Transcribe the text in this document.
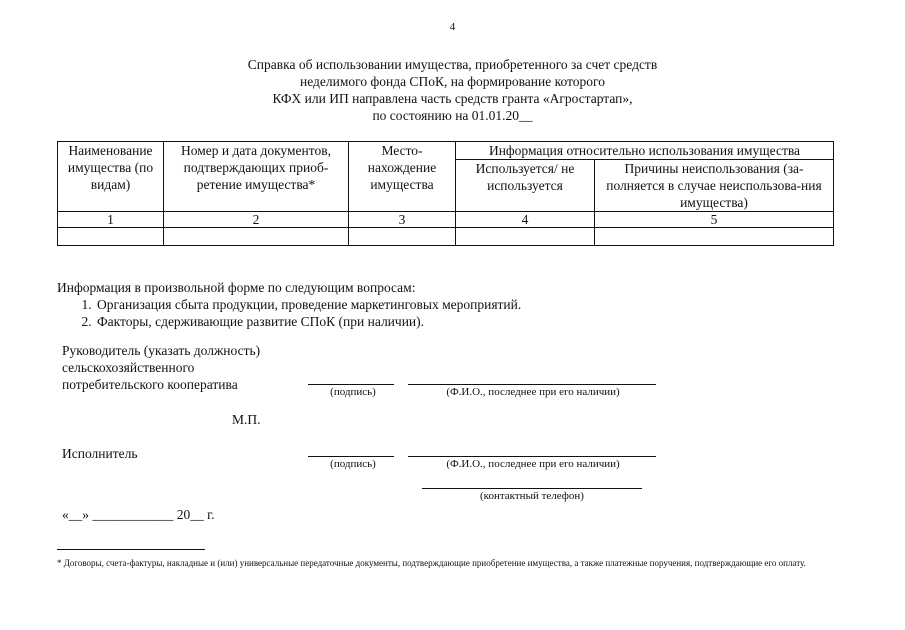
4
Справка об использовании имущества, приобретенного за счет средств
неделимого фонда СПоК, на формирование которого
КФХ или ИП направлена часть средств гранта «Агростартап»,
по состоянию на 01.01.20__
Наименование имущества (по видам)	Номер и дата документов, подтверждающих приоб-ретение имущества*	Место-нахождение имущества	Информация относительно использования имущества	
			Используется/ не используется	Причины неиспользования (за-полняется в случае неиспользова-ния имущества)
1	2	3	4	5

Информация в произвольной форме по следующим вопросам:
1. Организация сбыта продукции, проведение маркетинговых мероприятий.
2. Факторы, сдерживающие развитие СПоК (при наличии).
Руководитель (указать должность)
сельскохозяйственного
потребительского кооператива	(подпись)	(Ф.И.О., последнее при его наличии)
М.П.
Исполнитель
(подпись)	(Ф.И.О., последнее при его наличии)
(контактный телефон)
«__» ____________ 20__ г.
* Договоры, счета-фактуры, накладные и (или) универсальные передаточные документы, подтверждающие приобретение имущества, а также платежные поручения, подтверждающие его оплату.
